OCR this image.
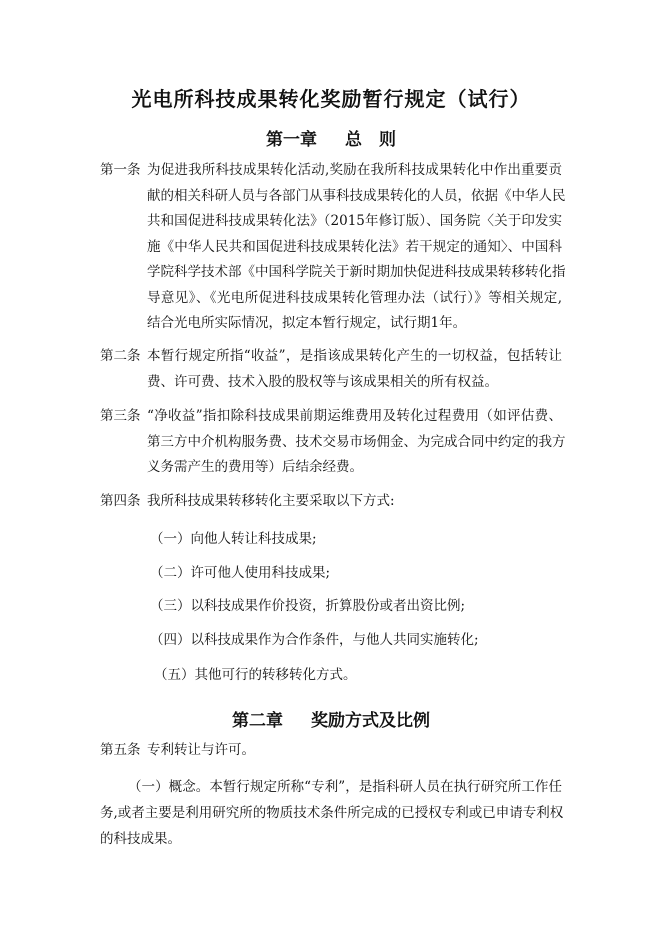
光电所科技成果转化奖励暂行规定（试行）
第一章 总　则
第一条 为促进我所科技成果转化活动,奖励在我所科技成果转化中作出重要贡
献的相关科研人员与各部门从事科技成果转化的人员，依据《中华人民
共和国促进科技成果转化法》（2015年修订版）、国务院〈关于印发实
施《中华人民共和国促进科技成果转化法》若干规定的通知〉、中国科
学院科学技术部《中国科学院关于新时期加快促进科技成果转移转化指
导意见》、《光电所促进科技成果转化管理办法（试行）》等相关规定,
结合光电所实际情况，拟定本暂行规定，试行期1年。
第二条 本暂行规定所指“收益”，是指该成果转化产生的一切权益，包括转让
费、许可费、技术入股的股权等与该成果相关的所有权益。
第三条 “净收益”指扣除科技成果前期运维费用及转化过程费用（如评估费、
第三方中介机构服务费、技术交易市场佣金、为完成合同中约定的我方
义务需产生的费用等）后结余经费。
第四条 我所科技成果转移转化主要采取以下方式:
（一）向他人转让科技成果;
（二）许可他人使用科技成果;
（三）以科技成果作价投资，折算股份或者出资比例;
（四）以科技成果作为合作条件，与他人共同实施转化;
（五）其他可行的转移转化方式。
第二章 奖励方式及比例
第五条 专利转让与许可。
（一）概念。本暂行规定所称“专利”，是指科研人员在执行研究所工作任
务,或者主要是利用研究所的物质技术条件所完成的已授权专利或已申请专利权
的科技成果。
